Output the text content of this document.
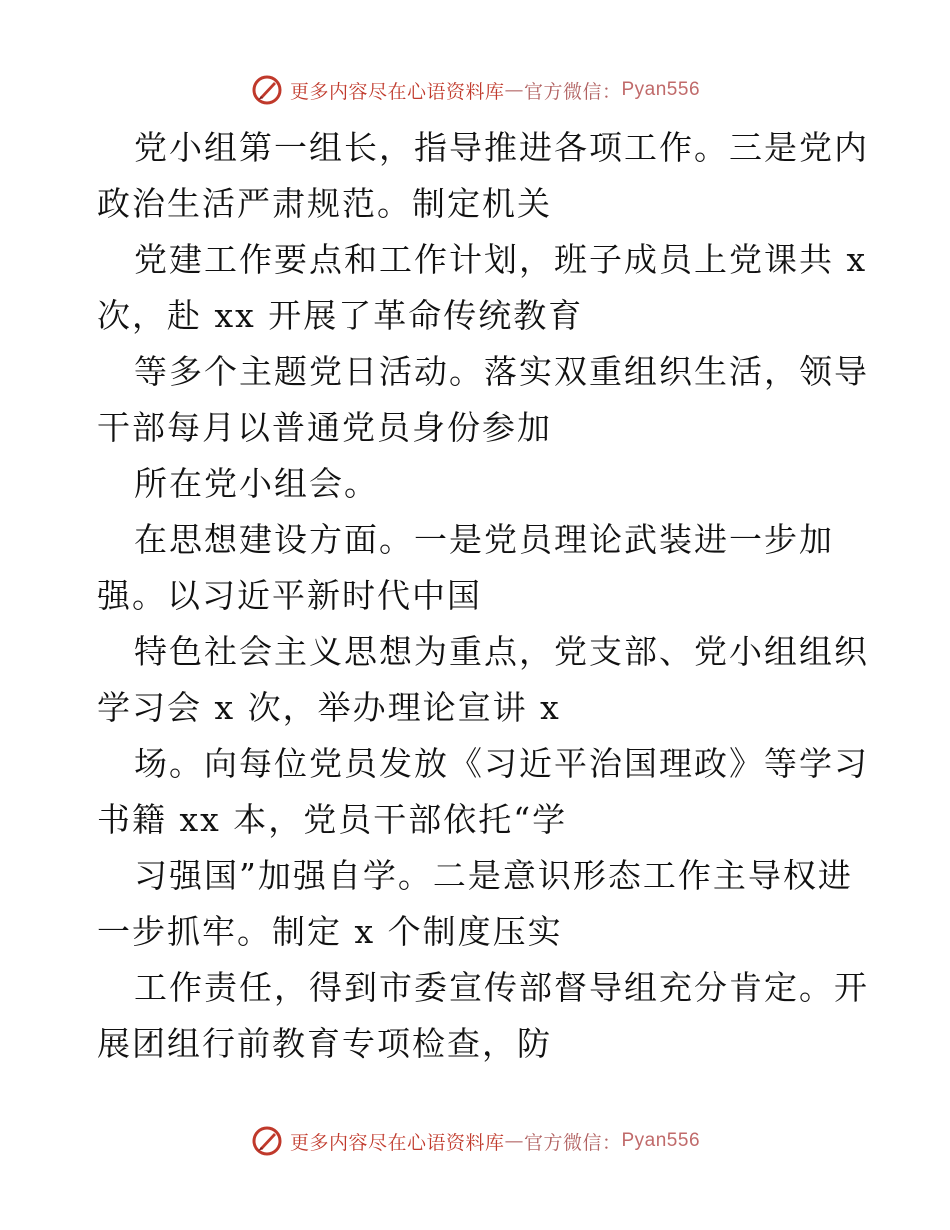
更多内容尽在心语资料库 — 官方微信： Pyan556
党小组第一组长，指导推进各项工作。三是党内
政治生活严肃规范。制定机关
党建工作要点和工作计划，班子成员上党课共 x
次，赴 xx 开展了革命传统教育
等多个主题党日活动。落实双重组织生活，领导
干部每月以普通党员身份参加
所在党小组会。
在思想建设方面。一是党员理论武装进一步加
强。以习近平新时代中国
特色社会主义思想为重点，党支部、党小组组织
学习会 x 次，举办理论宣讲 x
场。向每位党员发放《习近平治国理政》等学习
书籍 xx 本，党员干部依托“学
习强国”加强自学。二是意识形态工作主导权进
一步抓牢。制定 x 个制度压实
工作责任，得到市委宣传部督导组充分肯定。开
展团组行前教育专项检查，防
更多内容尽在心语资料库 — 官方微信： Pyan556
